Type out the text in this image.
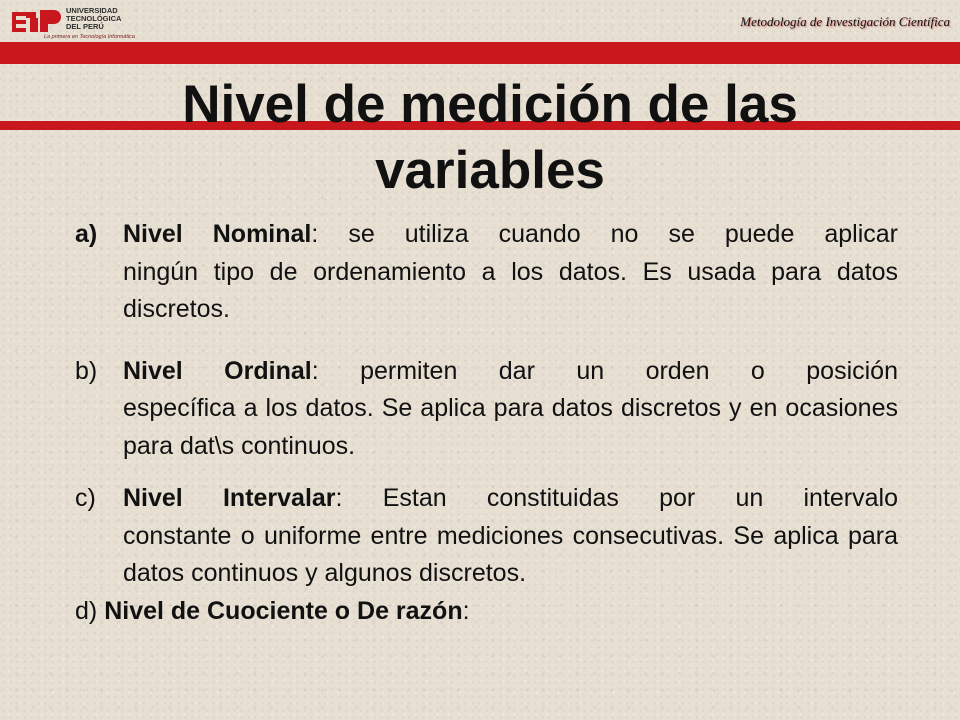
UNIVERSIDAD
TECNOLÓGICA
DEL PERÚ
La primera en Tecnología Informática
Metodología de Investigación Científica
Nivel de medición de las
variables

a) Nivel Nominal: se utiliza cuando no se puede aplicar
ningún tipo de ordenamiento a los datos. Es usada para datos discretos.

b) Nivel Ordinal: permiten dar un orden o posición
específica a los datos. Se aplica para datos discretos y en ocasiones para dat\s continuos.

c) Nivel Intervalar: Estan constituidas por un intervalo
constante o uniforme entre mediciones consecutivas. Se aplica para datos continuos y algunos discretos.

d) Nivel de Cuociente o De razón:
